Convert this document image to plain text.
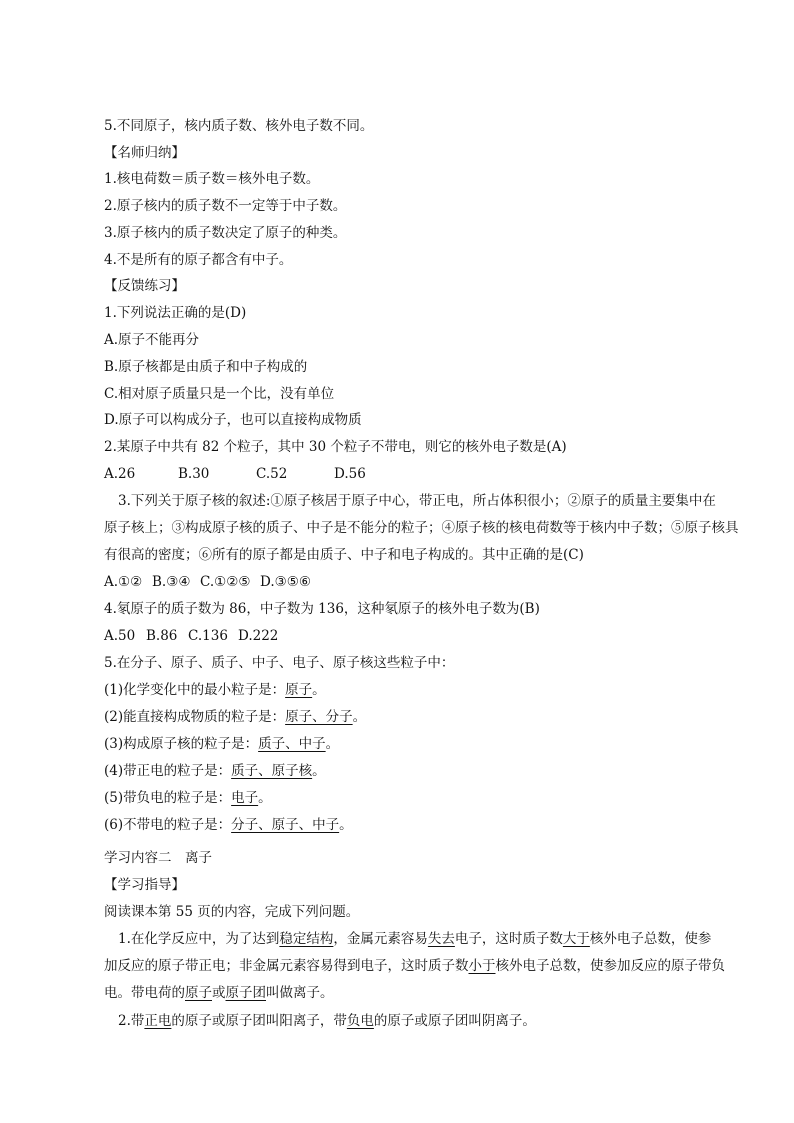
5.不同原子，核内质子数、核外电子数不同。
【名师归纳】
1.核电荷数＝质子数＝核外电子数。
2.原子核内的质子数不一定等于中子数。
3.原子核内的质子数决定了原子的种类。
4.不是所有的原子都含有中子。
【反馈练习】
1.下列说法正确的是(D)
A.原子不能再分
B.原子核都是由质子和中子构成的
C.相对原子质量只是一个比，没有单位
D.原子可以构成分子，也可以直接构成物质
2.某原子中共有 82 个粒子，其中 30 个粒子不带电，则它的核外电子数是(A)
A.26	B.30	C.52	D.56
3.下列关于原子核的叙述:①原子核居于原子中心，带正电，所占体积很小；②原子的质量主要集中在
原子核上；③构成原子核的质子、中子是不能分的粒子；④原子核的核电荷数等于核内中子数；⑤原子核具
有很高的密度；⑥所有的原子都是由质子、中子和电子构成的。其中正确的是(C)
A.①② B.③④ C.①②⑤ D.③⑤⑥
4.氡原子的质子数为 86，中子数为 136，这种氡原子的核外电子数为(B)
A.50 B.86 C.136 D.222
5.在分子、原子、质子、中子、电子、原子核这些粒子中：
(1)化学变化中的最小粒子是：原子。
(2)能直接构成物质的粒子是：原子、分子。
(3)构成原子核的粒子是：质子、中子。
(4)带正电的粒子是：质子、原子核。
(5)带负电的粒子是：电子。
(6)不带电的粒子是：分子、原子、中子。
学习内容二　离子
【学习指导】
阅读课本第 55 页的内容，完成下列问题。
1.在化学反应中，为了达到稳定结构，金属元素容易失去电子，这时质子数大于核外电子总数，使参
加反应的原子带正电；非金属元素容易得到电子，这时质子数小于核外电子总数，使参加反应的原子带负
电。带电荷的原子或原子团叫做离子。
2.带正电的原子或原子团叫阳离子，带负电的原子或原子团叫阴离子。
